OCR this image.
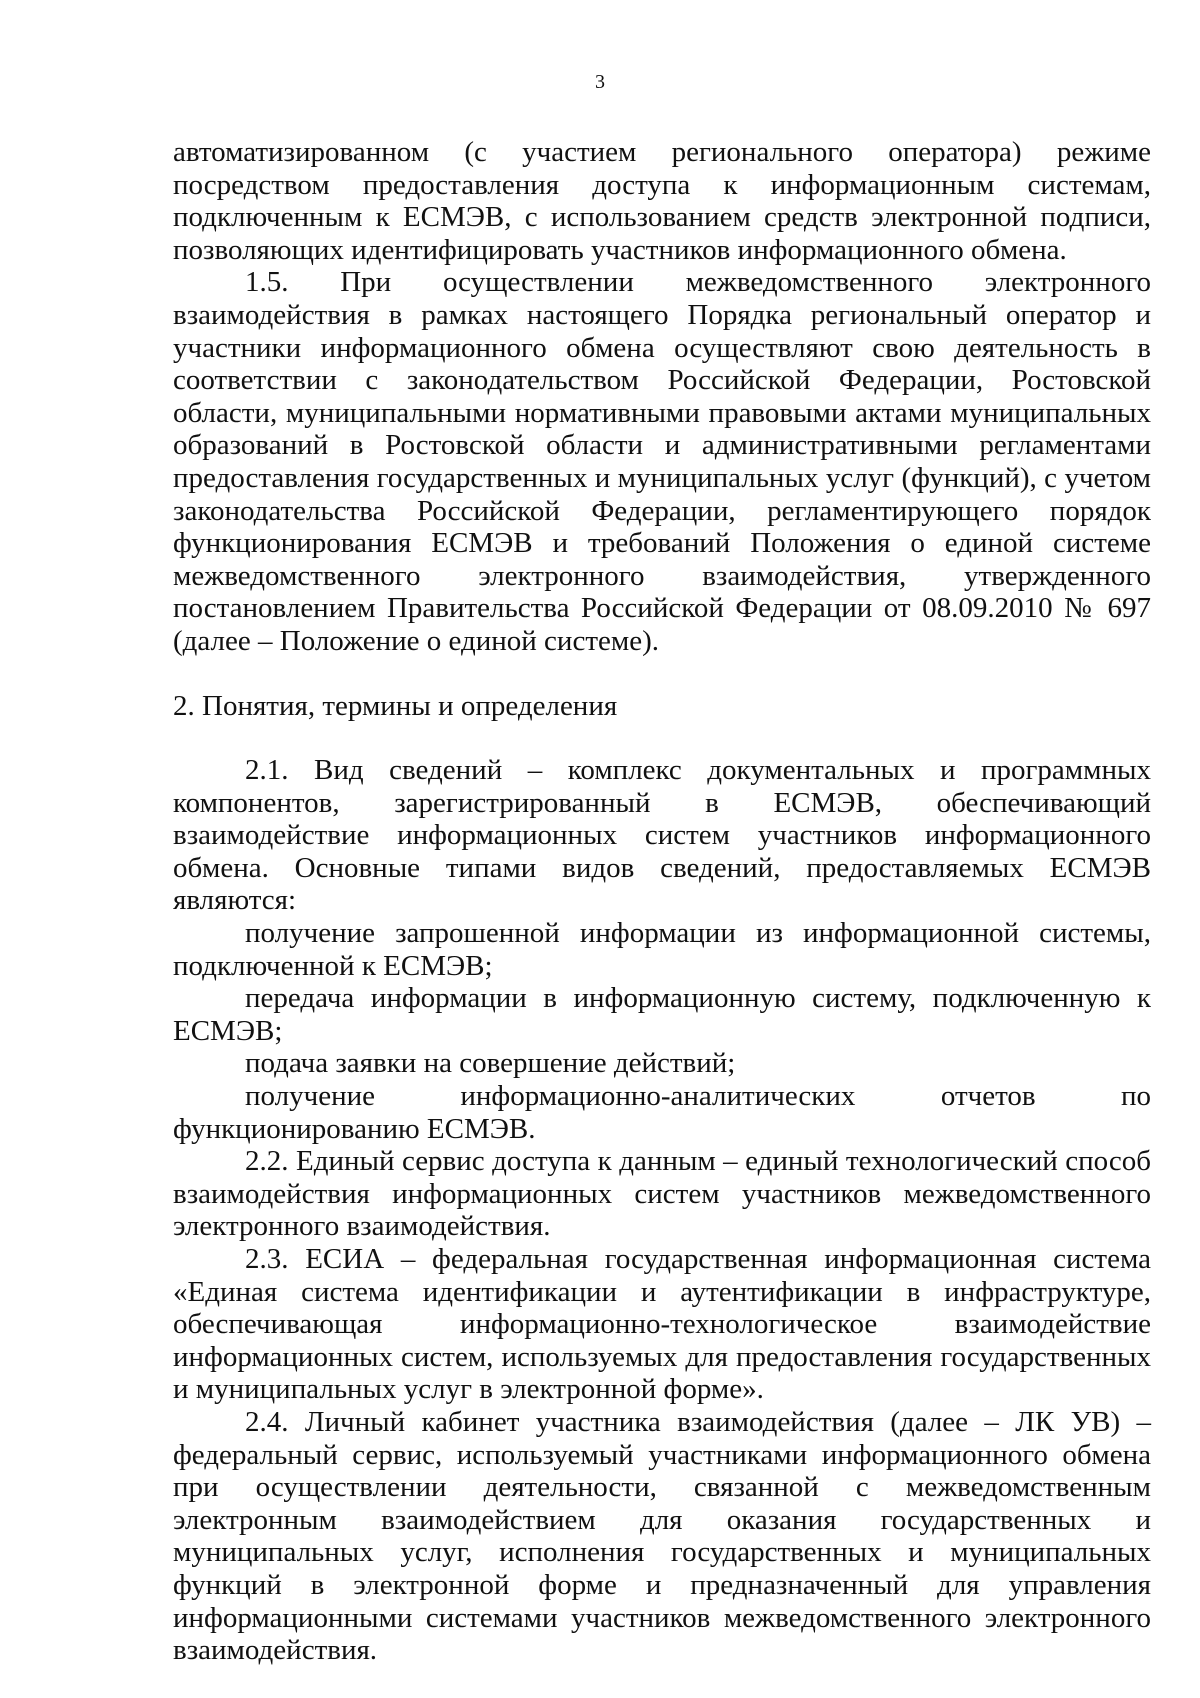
3

автоматизированном (с участием регионального оператора) режиме посредством предоставления доступа к информационным системам, подключенным к ЕСМЭВ, с использованием средств электронной подписи, позволяющих идентифицировать участников информационного обмена.

1.5. При осуществлении межведомственного электронного взаимодействия в рамках настоящего Порядка региональный оператор и участники информационного обмена осуществляют свою деятельность в соответствии с законодательством Российской Федерации, Ростовской области, муниципальными нормативными правовыми актами муниципальных образований в Ростовской области и административными регламентами предоставления государственных и муниципальных услуг (функций), с учетом законодательства Российской Федерации, регламентирующего порядок функционирования ЕСМЭВ и требований Положения о единой системе межведомственного электронного взаимодействия, утвержденного постановлением Правительства Российской Федерации от 08.09.2010 № 697 (далее – Положение о единой системе).

2. Понятия, термины и определения

2.1. Вид сведений – комплекс документальных и программных компонентов, зарегистрированный в ЕСМЭВ, обеспечивающий взаимодействие информационных систем участников информационного обмена. Основные типами видов сведений, предоставляемых ЕСМЭВ являются:

получение запрошенной информации из информационной системы, подключенной к ЕСМЭВ;

передача информации в информационную систему, подключенную к ЕСМЭВ;

подача заявки на совершение действий;

получение информационно-аналитических отчетов по функционированию ЕСМЭВ.

2.2. Единый сервис доступа к данным – единый технологический способ взаимодействия информационных систем участников межведомственного электронного взаимодействия.

2.3. ЕСИА – федеральная государственная информационная система «Единая система идентификации и аутентификации в инфраструктуре, обеспечивающая информационно-технологическое взаимодействие информационных систем, используемых для предоставления государственных и муниципальных услуг в электронной форме».

2.4. Личный кабинет участника взаимодействия (далее – ЛК УВ) – федеральный сервис, используемый участниками информационного обмена при осуществлении деятельности, связанной с межведомственным электронным взаимодействием для оказания государственных и муниципальных услуг, исполнения государственных и муниципальных функций в электронной форме и предназначенный для управления информационными системами участников межведомственного электронного взаимодействия.
